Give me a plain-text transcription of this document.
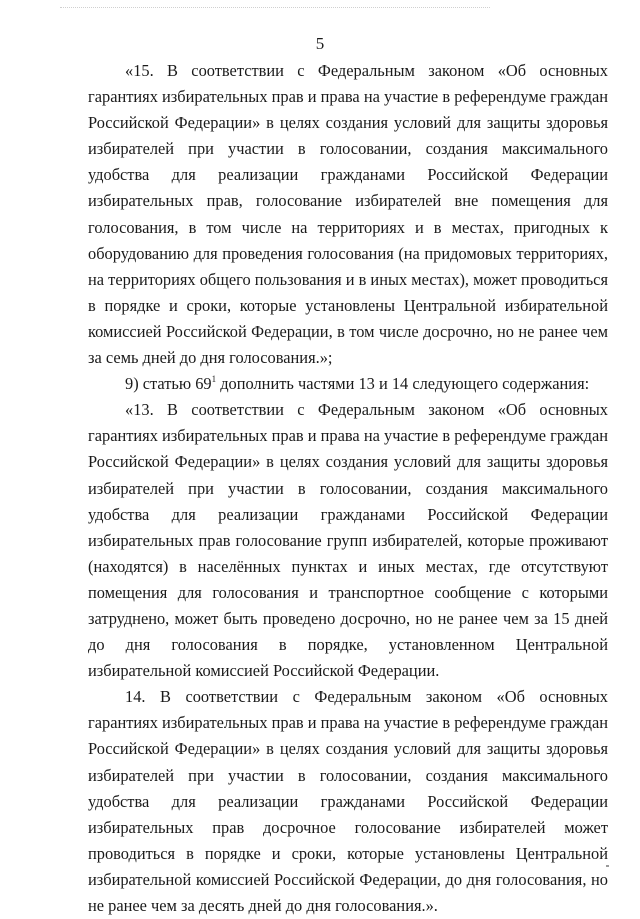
5

«15. В соответствии с Федеральным законом «Об основных гарантиях избирательных прав и права на участие в референдуме граждан Российской Федерации» в целях создания условий для защиты здоровья избирателей при участии в голосовании, создания максимального удобства для реализации гражданами Российской Федерации избирательных прав, голосование избирателей вне помещения для голосования, в том числе на территориях и в местах, пригодных к оборудованию для проведения голосования (на придомовых территориях, на территориях общего пользования и в иных местах), может проводиться в порядке и сроки, которые установлены Центральной избирательной комиссией Российской Федерации, в том числе досрочно, но не ранее чем за семь дней до дня голосования.»;

9) статью $69^1$ дополнить частями 13 и 14 следующего содержания:

«13. В соответствии с Федеральным законом «Об основных гарантиях избирательных прав и права на участие в референдуме граждан Российской Федерации» в целях создания условий для защиты здоровья избирателей при участии в голосовании, создания максимального удобства для реализации гражданами Российской Федерации избирательных прав голосование групп избирателей, которые проживают (находятся) в населённых пунктах и иных местах, где отсутствуют помещения для голосования и транспортное сообщение с которыми затруднено, может быть проведено досрочно, но не ранее чем за 15 дней до дня голосования в порядке, установленном Центральной избирательной комиссией Российской Федерации.

14. В соответствии с Федеральным законом «Об основных гарантиях избирательных прав и права на участие в референдуме граждан Российской Федерации» в целях создания условий для защиты здоровья избирателей при участии в голосовании, создания максимального удобства для реализации гражданами Российской Федерации избирательных прав досрочное голосование избирателей может проводиться в порядке и сроки, которые установлены Центральной избирательной комиссией Российской Федерации, до дня голосования, но не ранее чем за десять дней до дня голосования.».
